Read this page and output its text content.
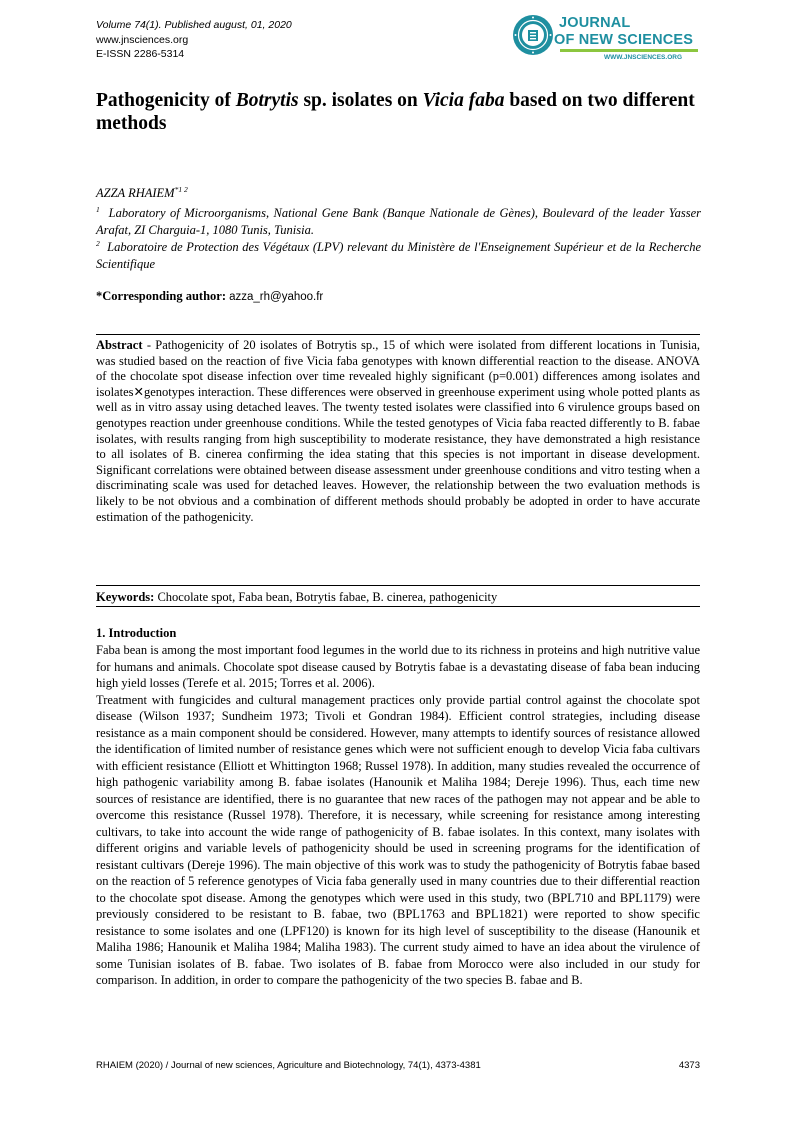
Volume 74(1). Published august, 01, 2020
www.jnsciences.org
E-ISSN 2286-5314
JOURNAL
OF NEW SCIENCES
WWW.JNSCIENCES.ORG
Pathogenicity of Botrytis sp. isolates on Vicia faba based on two different methods
AZZA $RHAIEM^{*1 2}$
$^1$ Laboratory of Microorganisms, National Gene Bank (Banque Nationale de Gènes), Boulevard of the leader Yasser Arafat, ZI Charguia-1, 1080 Tunis, Tunisia.
$^2$ Laboratoire de Protection des Végétaux (LPV) relevant du Ministère de l'Enseignement Supérieur et de la Recherche Scientifique
*Corresponding author: azza_rh@yahoo.fr
Abstract - Pathogenicity of 20 isolates of Botrytis sp., 15 of which were isolated from different locations in Tunisia, was studied based on the reaction of five Vicia faba genotypes with known differential reaction to the disease. ANOVA of the chocolate spot disease infection over time revealed highly significant (p=0.001) differences among isolates and isolates✕genotypes interaction. These differences were observed in greenhouse experiment using whole potted plants as well as in vitro assay using detached leaves. The twenty tested isolates were classified into 6 virulence groups based on genotypes reaction under greenhouse conditions. While the tested genotypes of Vicia faba reacted differently to B. fabae isolates, with results ranging from high susceptibility to moderate resistance, they have demonstrated a high resistance to all isolates of B. cinerea confirming the idea stating that this species is not important in disease development. Significant correlations were obtained between disease assessment under greenhouse conditions and vitro testing when a discriminating scale was used for detached leaves. However, the relationship between the two evaluation methods is likely to be not obvious and a combination of different methods should probably be adopted in order to have accurate estimation of the pathogenicity.
Keywords: Chocolate spot, Faba bean, Botrytis fabae, B. cinerea, pathogenicity
1. Introduction

Faba bean is among the most important food legumes in the world due to its richness in proteins and high nutritive value for humans and animals. Chocolate spot disease caused by Botrytis fabae is a devastating disease of faba bean inducing high yield losses (Terefe et al. 2015; Torres et al. 2006).

Treatment with fungicides and cultural management practices only provide partial control against the chocolate spot disease (Wilson 1937; Sundheim 1973; Tivoli et Gondran 1984). Efficient control strategies, including disease resistance as a main component should be considered. However, many attempts to identify sources of resistance allowed the identification of limited number of resistance genes which were not sufficient enough to develop Vicia faba cultivars with efficient resistance (Elliott et Whittington 1968; Russel 1978). In addition, many studies revealed the occurrence of high pathogenic variability among B. fabae isolates (Hanounik et Maliha 1984; Dereje 1996). Thus, each time new sources of resistance are identified, there is no guarantee that new races of the pathogen may not appear and be able to overcome this resistance (Russel 1978). Therefore, it is necessary, while screening for resistance among interesting cultivars, to take into account the wide range of pathogenicity of B. fabae isolates. In this context, many isolates with different origins and variable levels of pathogenicity should be used in screening programs for the identification of resistant cultivars (Dereje 1996). The main objective of this work was to study the pathogenicity of Botrytis fabae based on the reaction of 5 reference genotypes of Vicia faba generally used in many countries due to their differential reaction to the chocolate spot disease. Among the genotypes which were used in this study, two (BPL710 and BPL1179) were previously considered to be resistant to B. fabae, two (BPL1763 and BPL1821) were reported to show specific resistance to some isolates and one (LPF120) is known for its high level of susceptibility to the disease (Hanounik et Maliha 1986; Hanounik et Maliha 1984; Maliha 1983). The current study aimed to have an idea about the virulence of some Tunisian isolates of B. fabae. Two isolates of B. fabae from Morocco were also included in our study for comparison. In addition, in order to compare the pathogenicity of the two species B. fabae and B.

RHAIEM (2020) / Journal of new sciences, Agriculture and Biotechnology, 74(1), 4373-4381	4373
